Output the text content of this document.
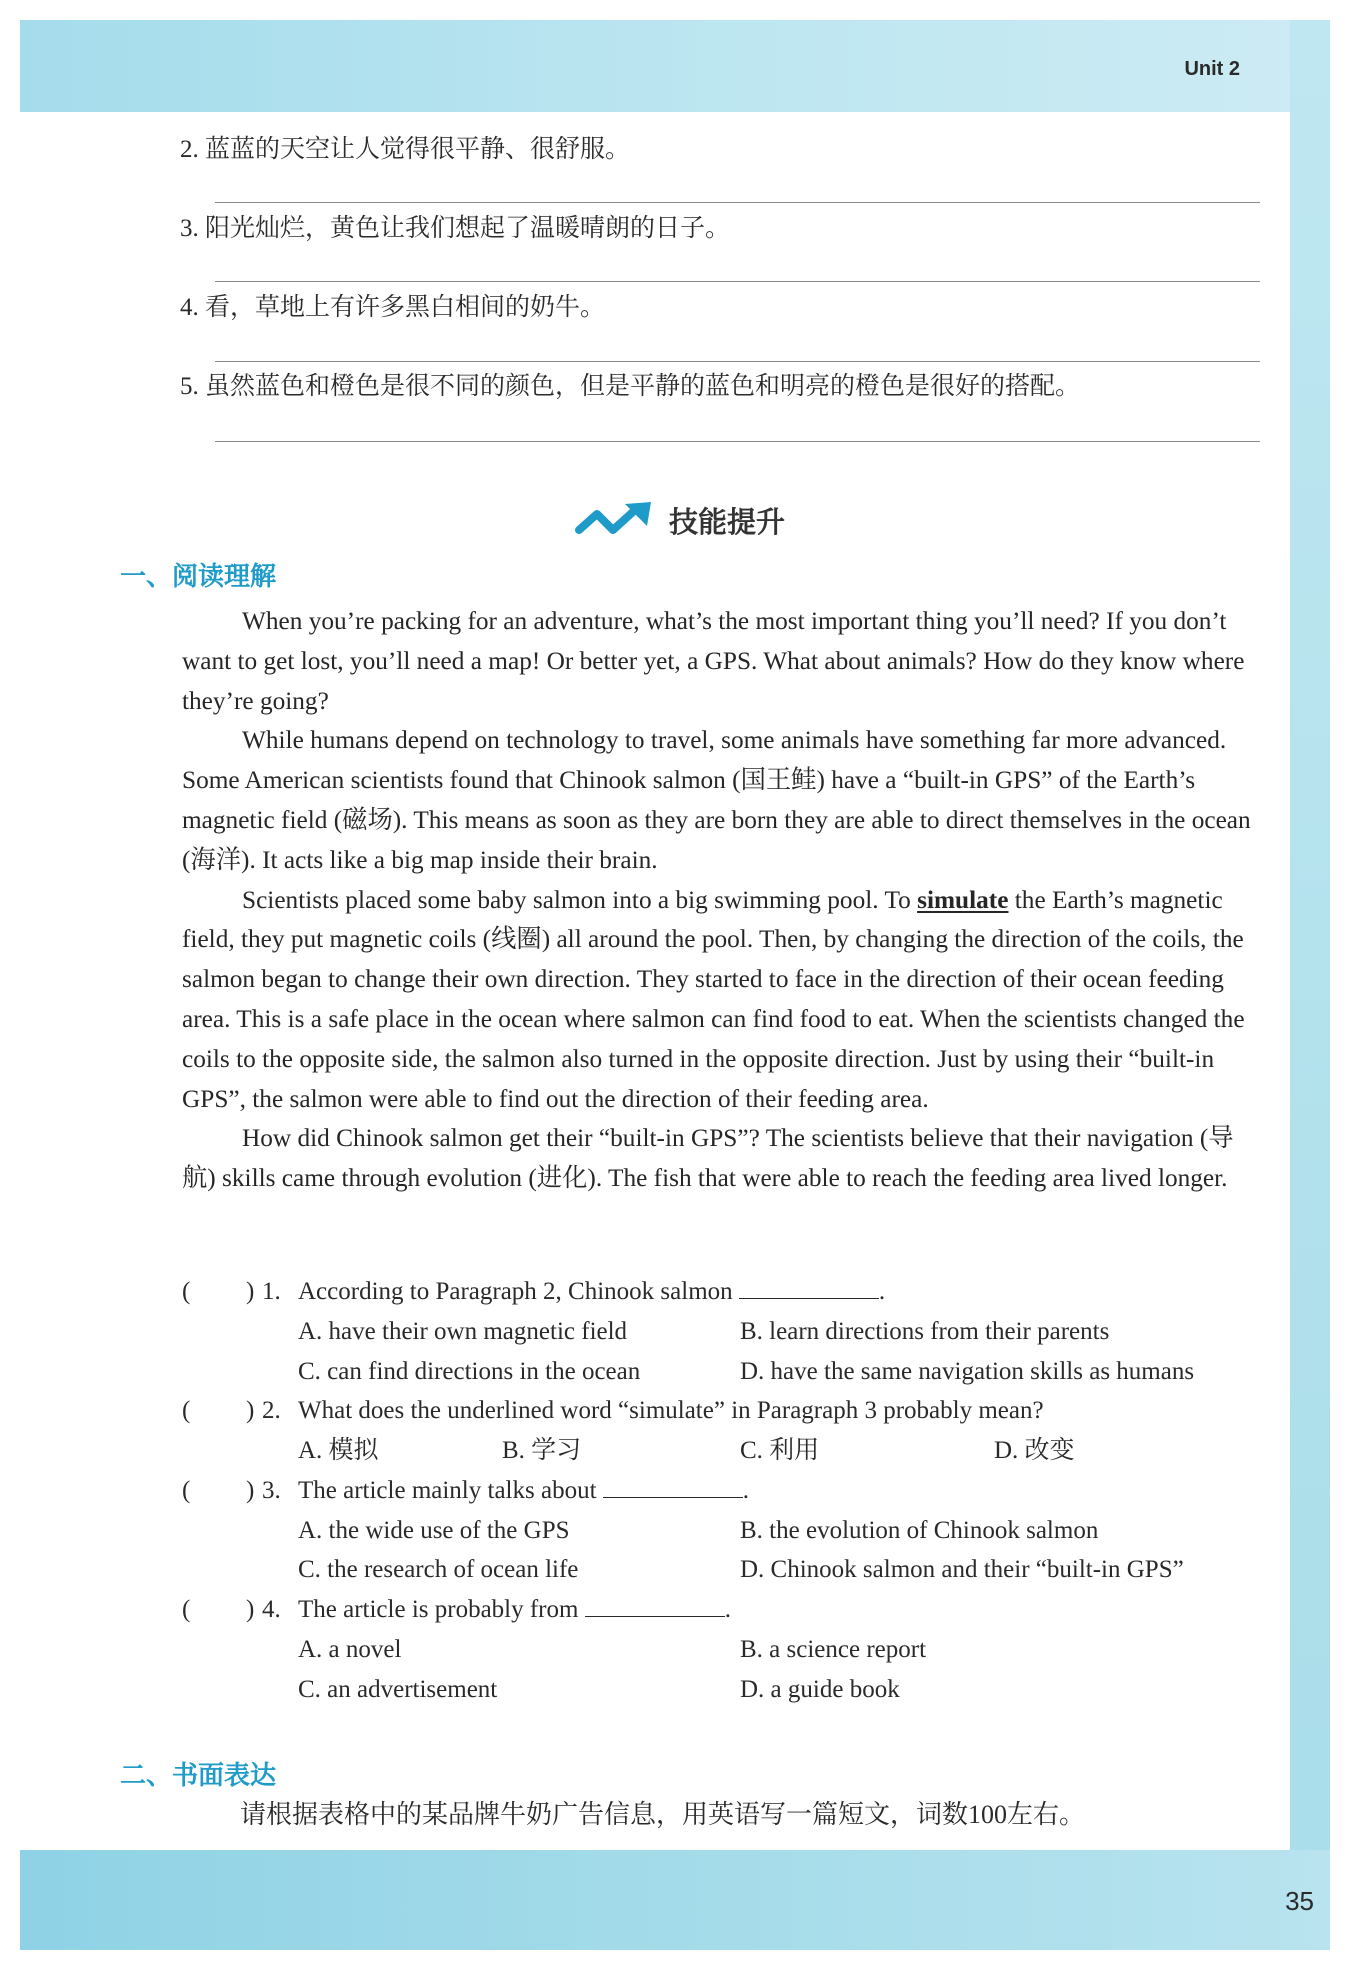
Unit 2
2. 蓝蓝的天空让人觉得很平静、很舒服。
3. 阳光灿烂，黄色让我们想起了温暖晴朗的日子。
4. 看，草地上有许多黑白相间的奶牛。
5. 虽然蓝色和橙色是很不同的颜色，但是平静的蓝色和明亮的橙色是很好的搭配。
技能提升
一、阅读理解

When you’re packing for an adventure, what’s the most important thing you’ll need? If you don’t want to get lost, you’ll need a map! Or better yet, a GPS. What about animals? How do they know where they’re going?

While humans depend on technology to travel, some animals have something far more advanced. Some American scientists found that Chinook salmon (国王鲑) have a “built-in GPS” of the Earth’s magnetic field (磁场). This means as soon as they are born they are able to direct themselves in the ocean (海洋). It acts like a big map inside their brain.

Scientists placed some baby salmon into a big swimming pool. To simulate the Earth’s magnetic field, they put magnetic coils (线圈) all around the pool. Then, by changing the direction of the coils, the salmon began to change their own direction. They started to face in the direction of their ocean feeding area. This is a safe place in the ocean where salmon can find food to eat. When the scientists changed the coils to the opposite side, the salmon also turned in the opposite direction. Just by using their “built-in GPS”, the salmon were able to find out the direction of their feeding area.

How did Chinook salmon get their “built-in GPS”? The scientists believe that their navigation (导航) skills came through evolution (进化). The fish that were able to reach the feeding area lived longer.

( ) 1. According to Paragraph 2, Chinook salmon	.
A. have their own magnetic field	B. learn directions from their parents
C. can find directions in the ocean	D. have the same navigation skills as humans
( ) 2. What does the underlined word “simulate” in Paragraph 3 probably mean?
A. 模拟	B. 学习	C. 利用	D. 改变
( ) 3. The article mainly talks about	.
A. the wide use of the GPS	B. the evolution of Chinook salmon
C. the research of ocean life	D. Chinook salmon and their “built-in GPS”
( ) 4. The article is probably from	.
A. a novel	B. a science report
C. an advertisement	D. a guide book
二、书面表达
请根据表格中的某品牌牛奶广告信息，用英语写一篇短文，词数100左右。
35
